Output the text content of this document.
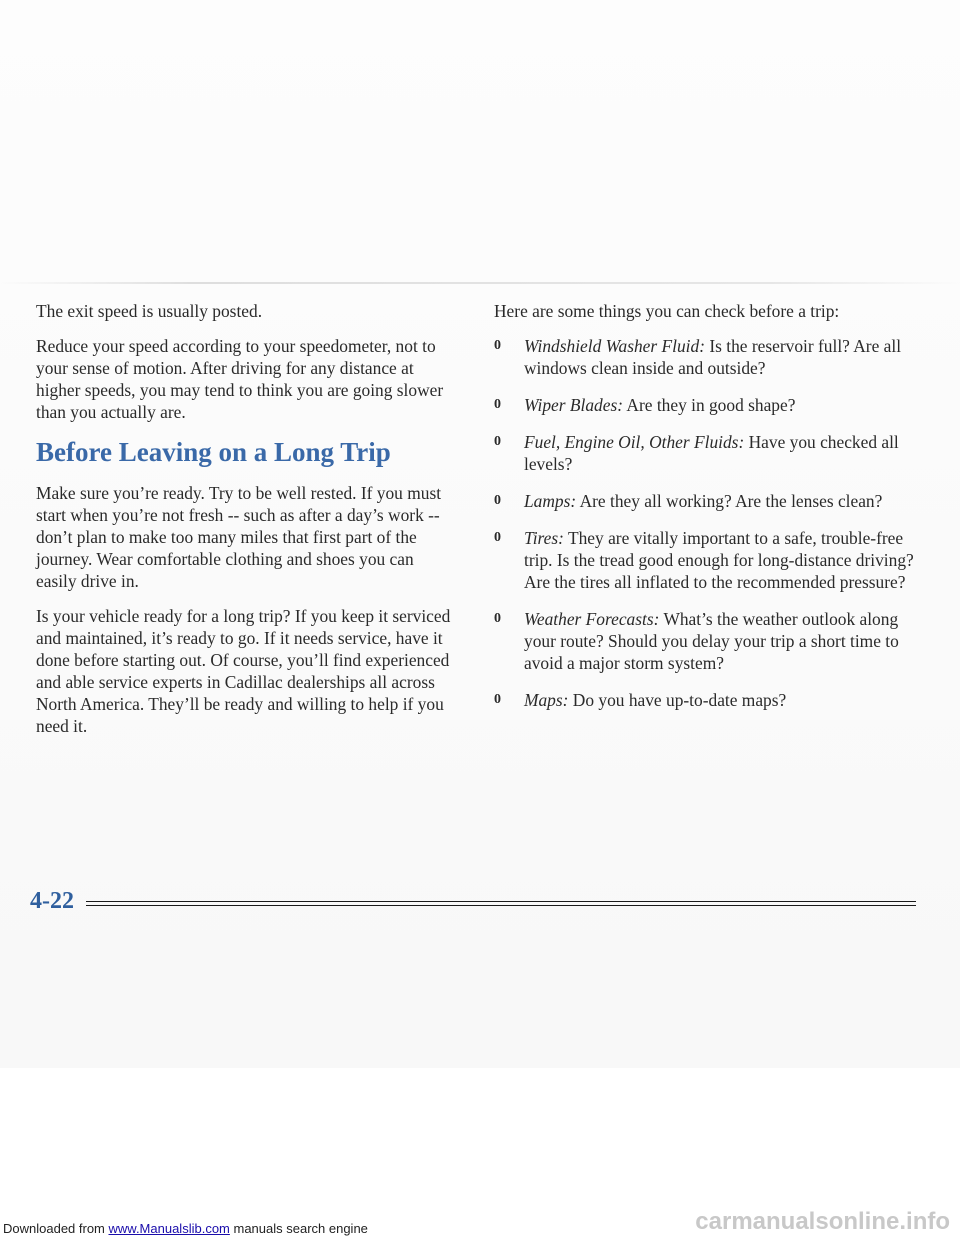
The exit speed is usually posted.

Reduce your speed according to your speedometer, not to your sense of motion. After driving for any distance at higher speeds, you may tend to think you are going slower than you actually are.

Before Leaving on a Long Trip

Make sure you’re ready. Try to be well rested. If you must start when you’re not fresh -- such as after a day’s work -- don’t plan to make too many miles that first part of the journey. Wear comfortable clothing and shoes you can easily drive in.

Is your vehicle ready for a long trip? If you keep it serviced and maintained, it’s ready to go. If it needs service, have it done before starting out. Of course, you’ll find experienced and able service experts in Cadillac dealerships all across North America. They’ll be ready and willing to help if you need it.

Here are some things you can check before a trip:

0 Windshield Washer Fluid: Is the reservoir full? Are all windows clean inside and outside?
0 Wiper Blades: Are they in good shape?
0 Fuel, Engine Oil, Other Fluids: Have you checked all levels?
0 Lamps: Are they all working? Are the lenses clean?
0 Tires: They are vitally important to a safe, trouble-free trip. Is the tread good enough for long-distance driving? Are the tires all inflated to the recommended pressure?
0 Weather Forecasts: What’s the weather outlook along your route? Should you delay your trip a short time to avoid a major storm system?
0 Maps: Do you have up-to-date maps?
4-22
Downloaded from www.Manualslib.com manuals search engine	carmanualsonline.info
